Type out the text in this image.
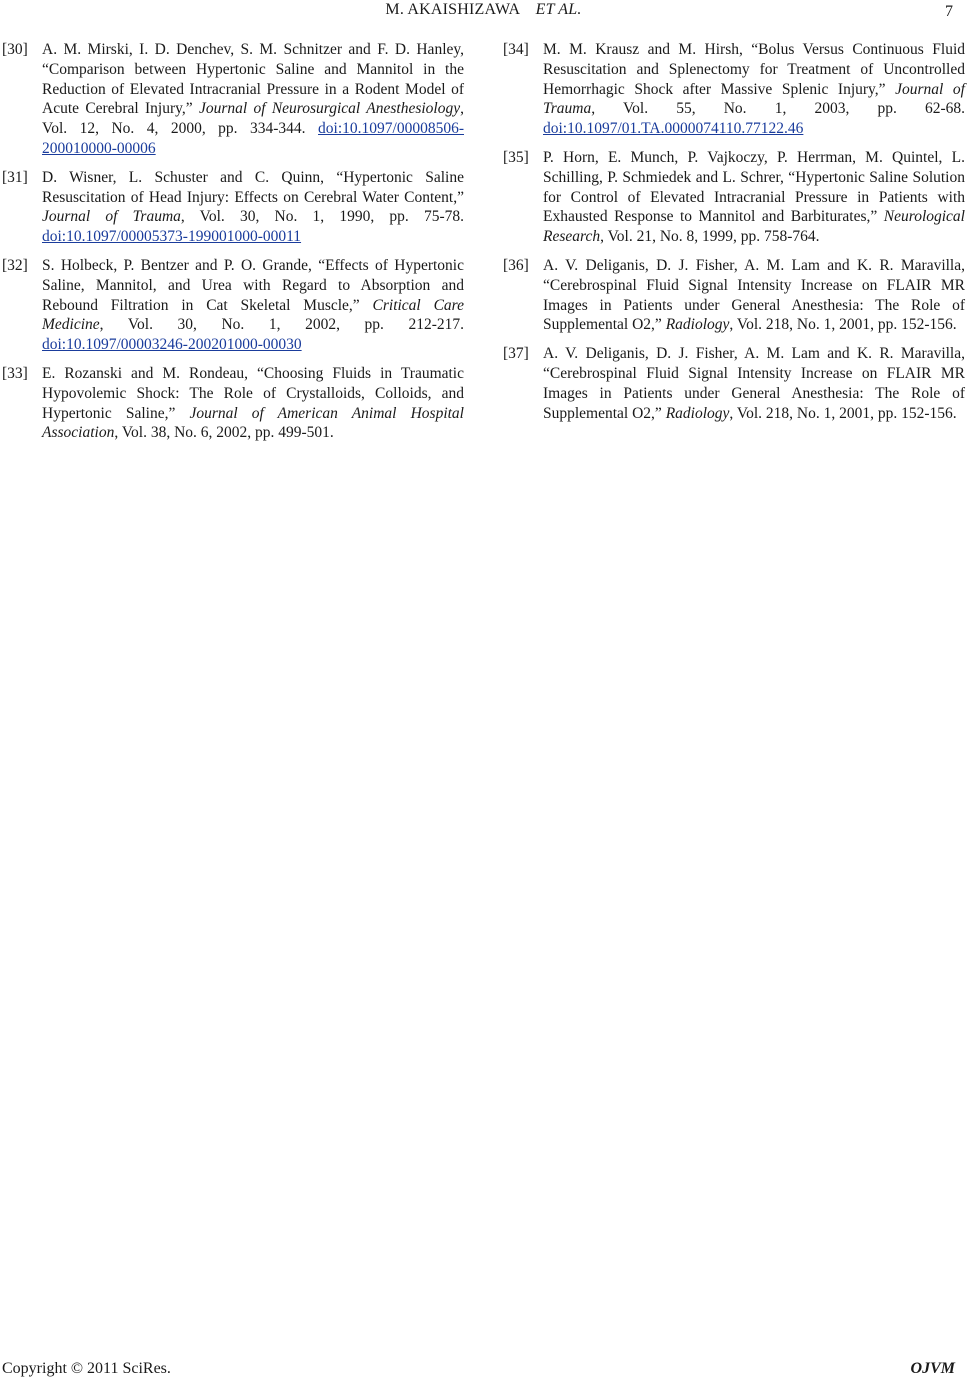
M. AKAISHIZAWA ET AL.	7
[30] A. M. Mirski, I. D. Denchev, S. M. Schnitzer and F. D. Hanley, “Comparison between Hypertonic Saline and Mannitol in the Reduction of Elevated Intracranial Pressure in a Rodent Model of Acute Cerebral Injury,” Journal of Neurosurgical Anesthesiology, Vol. 12, No. 4, 2000, pp. 334-344. doi:10.1097/00008506-200010000-00006
[31] D. Wisner, L. Schuster and C. Quinn, “Hypertonic Saline Resuscitation of Head Injury: Effects on Cerebral Water Content,” Journal of Trauma, Vol. 30, No. 1, 1990, pp. 75-78. doi:10.1097/00005373-199001000-00011
[32] S. Holbeck, P. Bentzer and P. O. Grande, “Effects of Hypertonic Saline, Mannitol, and Urea with Regard to Absorption and Rebound Filtration in Cat Skeletal Muscle,” Critical Care Medicine, Vol. 30, No. 1, 2002, pp. 212-217. doi:10.1097/00003246-200201000-00030
[33] E. Rozanski and M. Rondeau, “Choosing Fluids in Traumatic Hypovolemic Shock: The Role of Crystalloids, Colloids, and Hypertonic Saline,” Journal of American Animal Hospital Association, Vol. 38, No. 6, 2002, pp. 499-501.
[34] M. M. Krausz and M. Hirsh, “Bolus Versus Continuous Fluid Resuscitation and Splenectomy for Treatment of Uncontrolled Hemorrhagic Shock after Massive Splenic Injury,” Journal of Trauma, Vol. 55, No. 1, 2003, pp. 62-68. doi:10.1097/01.TA.0000074110.77122.46
[35] P. Horn, E. Munch, P. Vajkoczy, P. Herrman, M. Quintel, L. Schilling, P. Schmiedek and L. Schrer, “Hypertonic Saline Solution for Control of Elevated Intracranial Pressure in Patients with Exhausted Response to Mannitol and Barbiturates,” Neurological Research, Vol. 21, No. 8, 1999, pp. 758-764.
[36] A. V. Deliganis, D. J. Fisher, A. M. Lam and K. R. Maravilla, “Cerebrospinal Fluid Signal Intensity Increase on FLAIR MR Images in Patients under General Anesthesia: The Role of Supplemental O2,” Radiology, Vol. 218, No. 1, 2001, pp. 152-156.
[37] A. V. Deliganis, D. J. Fisher, A. M. Lam and K. R. Maravilla, “Cerebrospinal Fluid Signal Intensity Increase on FLAIR MR Images in Patients under General Anesthesia: The Role of Supplemental O2,” Radiology, Vol. 218, No. 1, 2001, pp. 152-156.
Copyright © 2011 SciRes.	OJVM
